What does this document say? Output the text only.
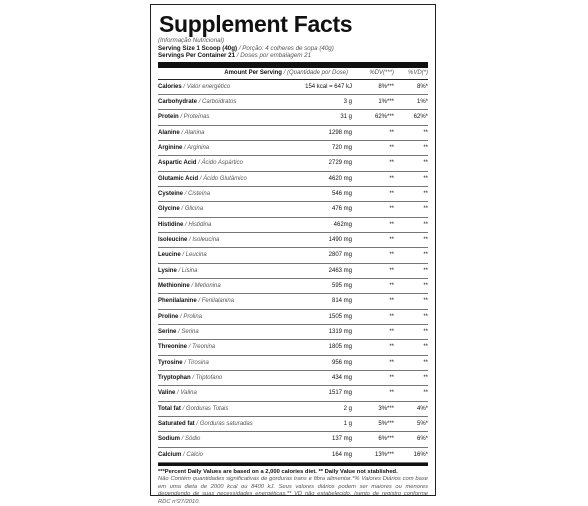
Supplement Facts
(Informação Nutricional)
Serving Size 1 Scoop (40g) / Porção: 4 colheres de sopa (40g)
Servings Per Container 21 / Doses por embalagem 21
Amount Per Serving / (Quantidade por Dose)	%DV(***)	%VD(*)
Calories / Valor energético	154 kcal = 647 kJ	8%***	8%*
Carbohydrate / Carboidratos	3 g	1%***	1%*
Protein / Proteínas	31 g	62%***	62%*
Alanine / Alanina	1298 mg	**	**
Arginine / Arginina	720 mg	**	**
Aspartic Acid / Ácido Aspártico	2729 mg	**	**
Glutamic Acid / Ácido Glutâmico	4620 mg	**	**
Cysteine / Cisteína	546 mg	**	**
Glycine / Glicina	476 mg	**	**
Histidine / Histidina	462mg	**	**
Isoleucine / Isoleucina	1490 mg	**	**
Leucine / Leucina	2807 mg	**	**
Lysine / Lisina	2463 mg	**	**
Methionine / Metionina	595 mg	**	**
Phenilalanine / Fenilalanina	814 mg	**	**
Proline / Prolina	1505 mg	**	**
Serine / Serina	1319 mg	**	**
Threonine / Treonina	1805 mg	**	**
Tyrosine / Tirosina	956 mg	**	**
Tryptophan / Triptofano	434 mg	**	**
Valine / Valina	1517 mg	**	**
Total fat / Gorduras Totais	2 g	3%***	4%*
Saturated fat / Gorduras saturadas	1 g	5%***	5%*
Sodium / Sódio	137 mg	6%***	6%*
Calcium / Cálcio	164 mg	13%***	16%*
***Percent Daily Values are based on a 2,000 calories diet. ** Daily Value not stablished.
Não Contém quantidades significativas de gorduras trans e fibra alimentar.*% Valores Diários com base em uma dieta de 2000 kcal ou 8400 kJ. Seus valores diários podem ser maiores ou menores dependendo de suas necessidades energéticas.** VD não estabelecido. Isento de registro conforme RDC nº27/2010.
